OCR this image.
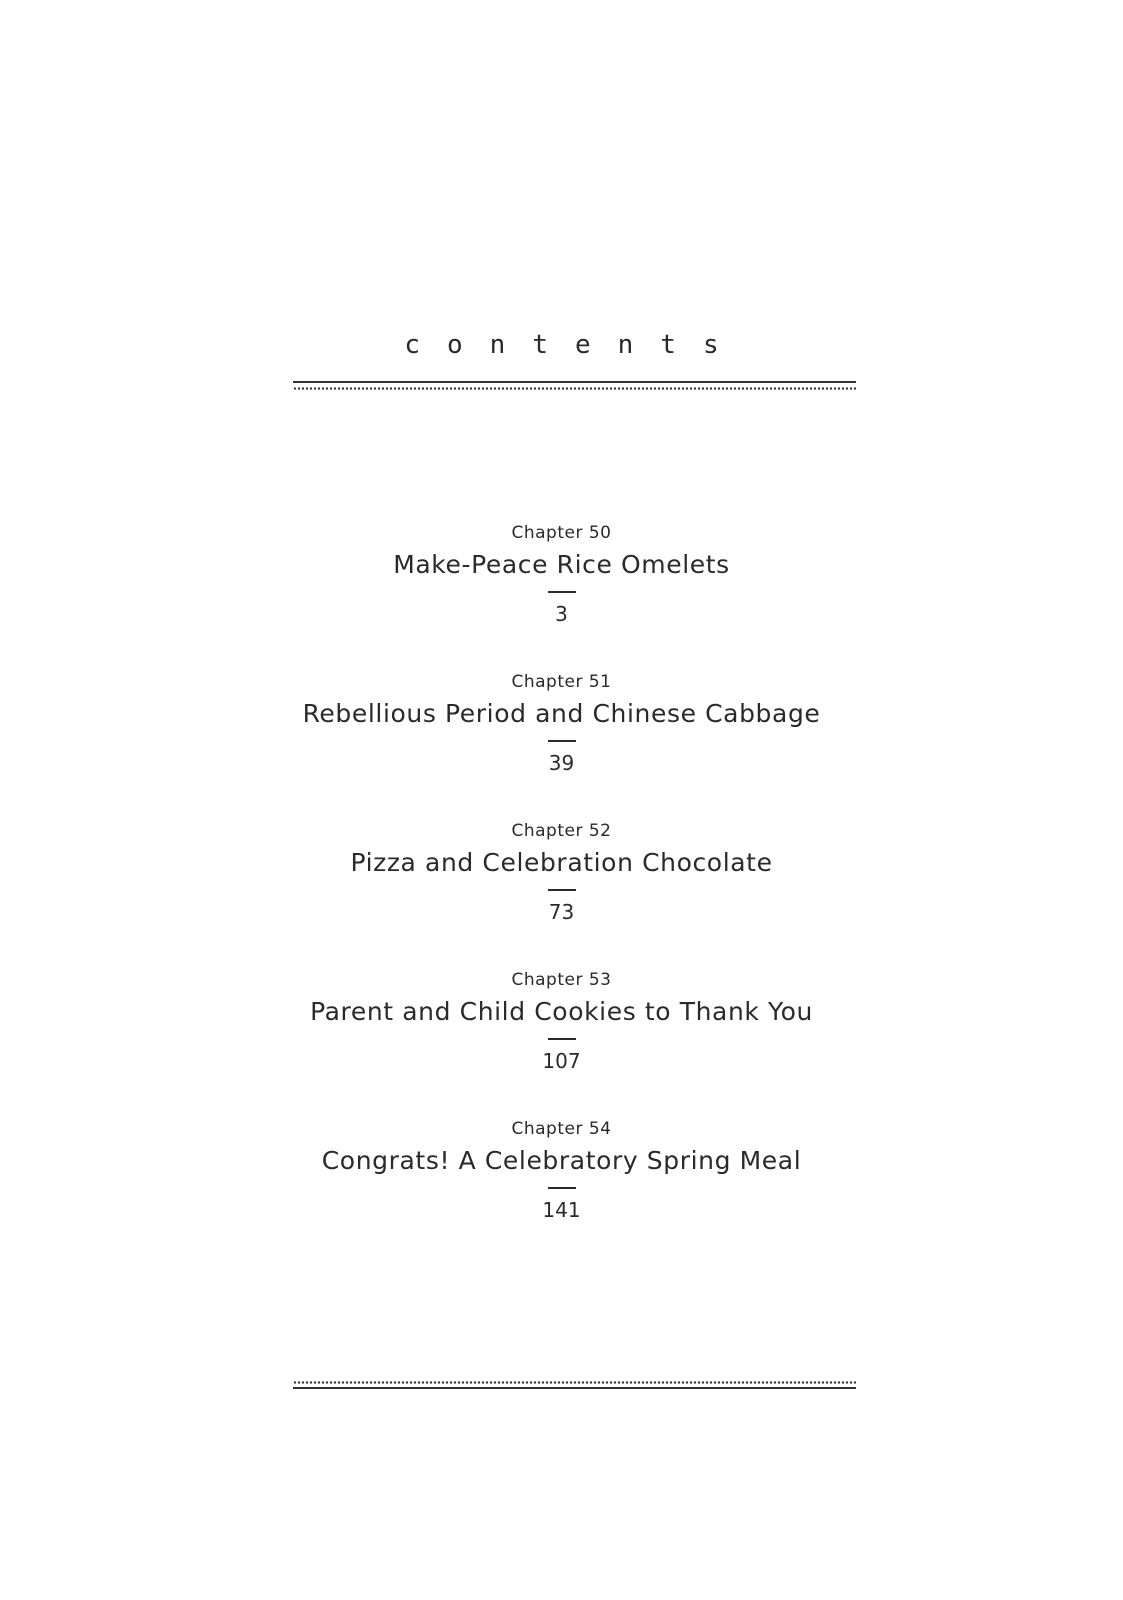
contents
Chapter 50
Make-Peace Rice Omelets
3
Chapter 51
Rebellious Period and Chinese Cabbage
39
Chapter 52
Pizza and Celebration Chocolate
73
Chapter 53
Parent and Child Cookies to Thank You
107
Chapter 54
Congrats! A Celebratory Spring Meal
141
